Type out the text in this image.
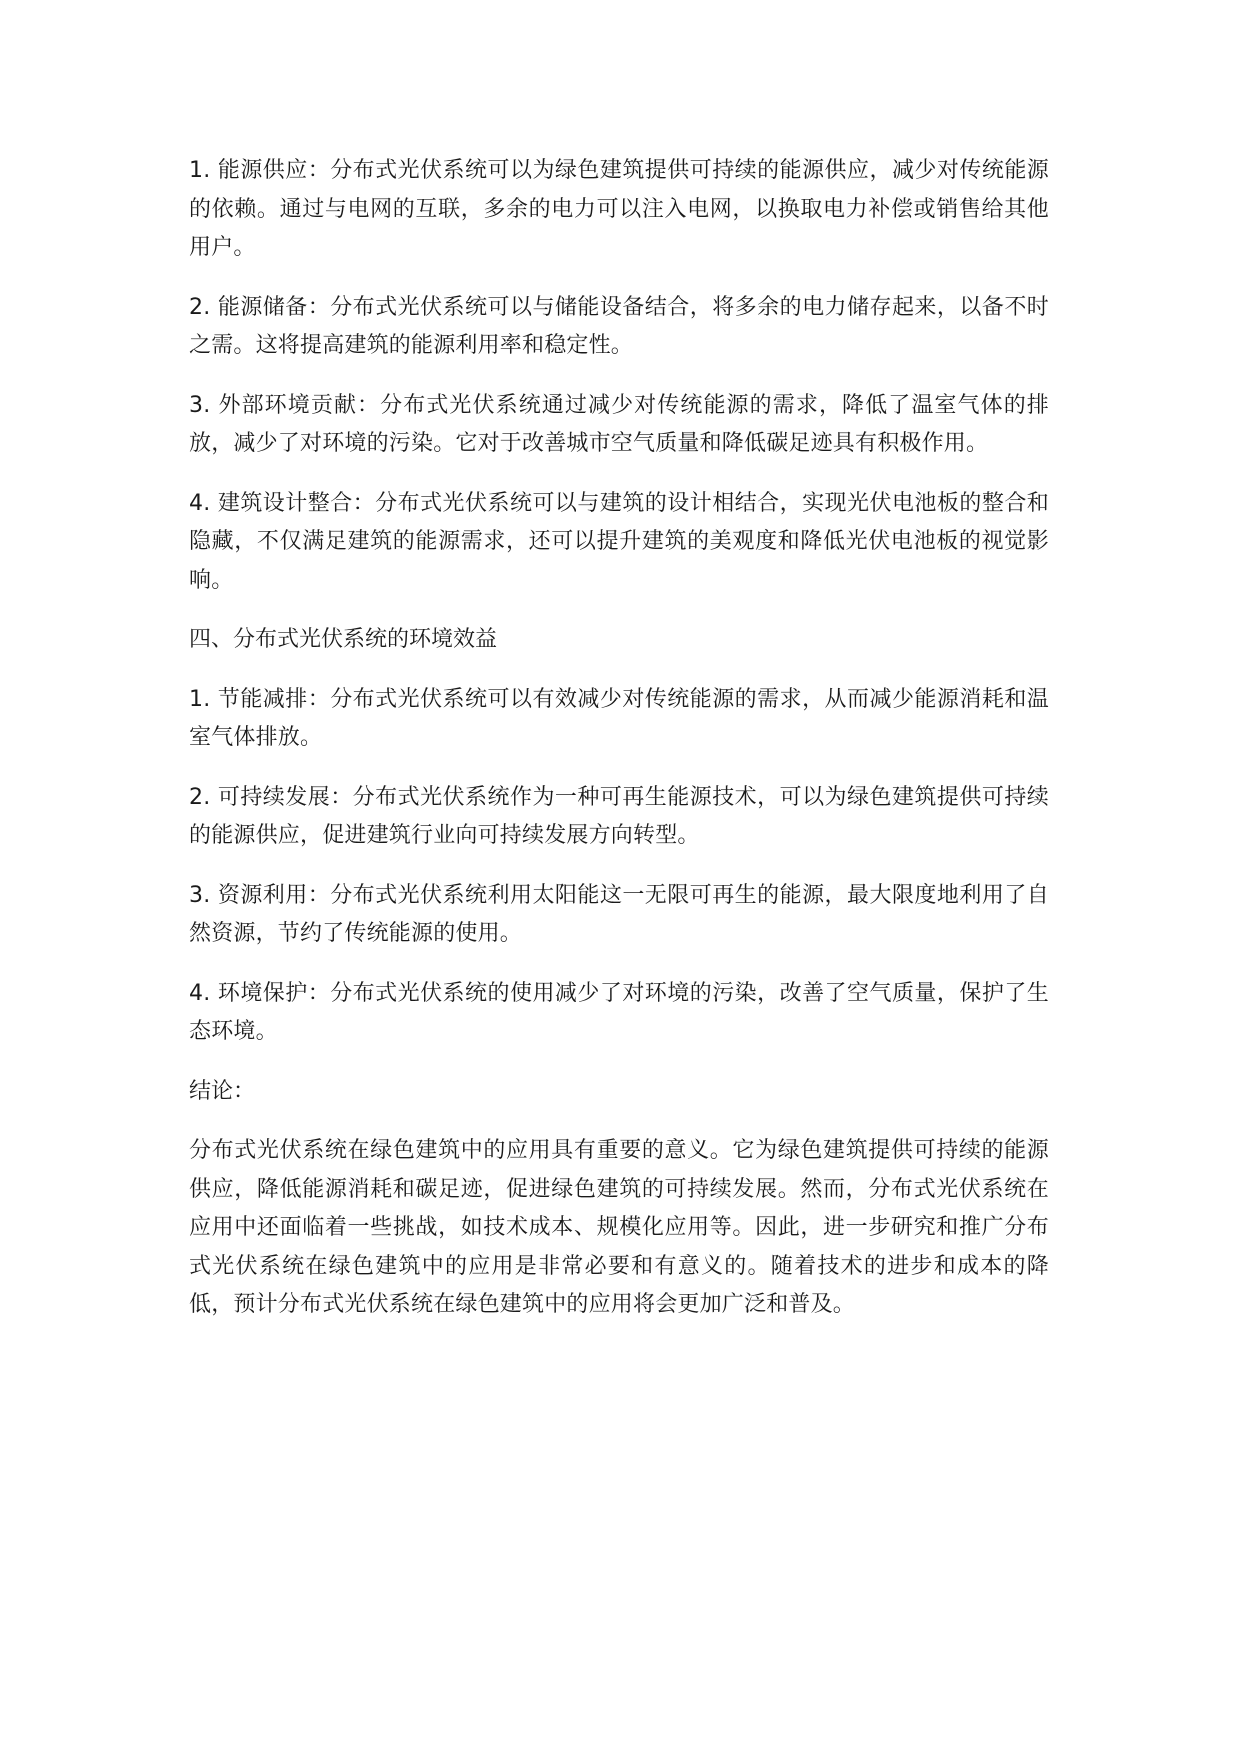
1. 能源供应：分布式光伏系统可以为绿色建筑提供可持续的能源供应，减少对传统能源的依赖。通过与电网的互联，多余的电力可以注入电网，以换取电力补偿或销售给其他用户。

2. 能源储备：分布式光伏系统可以与储能设备结合，将多余的电力储存起来，以备不时之需。这将提高建筑的能源利用率和稳定性。

3. 外部环境贡献：分布式光伏系统通过减少对传统能源的需求，降低了温室气体的排放，减少了对环境的污染。它对于改善城市空气质量和降低碳足迹具有积极作用。

4. 建筑设计整合：分布式光伏系统可以与建筑的设计相结合，实现光伏电池板的整合和隐藏，不仅满足建筑的能源需求，还可以提升建筑的美观度和降低光伏电池板的视觉影响。

四、分布式光伏系统的环境效益

1. 节能减排：分布式光伏系统可以有效减少对传统能源的需求，从而减少能源消耗和温室气体排放。

2. 可持续发展：分布式光伏系统作为一种可再生能源技术，可以为绿色建筑提供可持续的能源供应，促进建筑行业向可持续发展方向转型。

3. 资源利用：分布式光伏系统利用太阳能这一无限可再生的能源，最大限度地利用了自然资源，节约了传统能源的使用。

4. 环境保护：分布式光伏系统的使用减少了对环境的污染，改善了空气质量，保护了生态环境。

结论：

分布式光伏系统在绿色建筑中的应用具有重要的意义。它为绿色建筑提供可持续的能源供应，降低能源消耗和碳足迹，促进绿色建筑的可持续发展。然而，分布式光伏系统在应用中还面临着一些挑战，如技术成本、规模化应用等。因此，进一步研究和推广分布式光伏系统在绿色建筑中的应用是非常必要和有意义的。随着技术的进步和成本的降低，预计分布式光伏系统在绿色建筑中的应用将会更加广泛和普及。
